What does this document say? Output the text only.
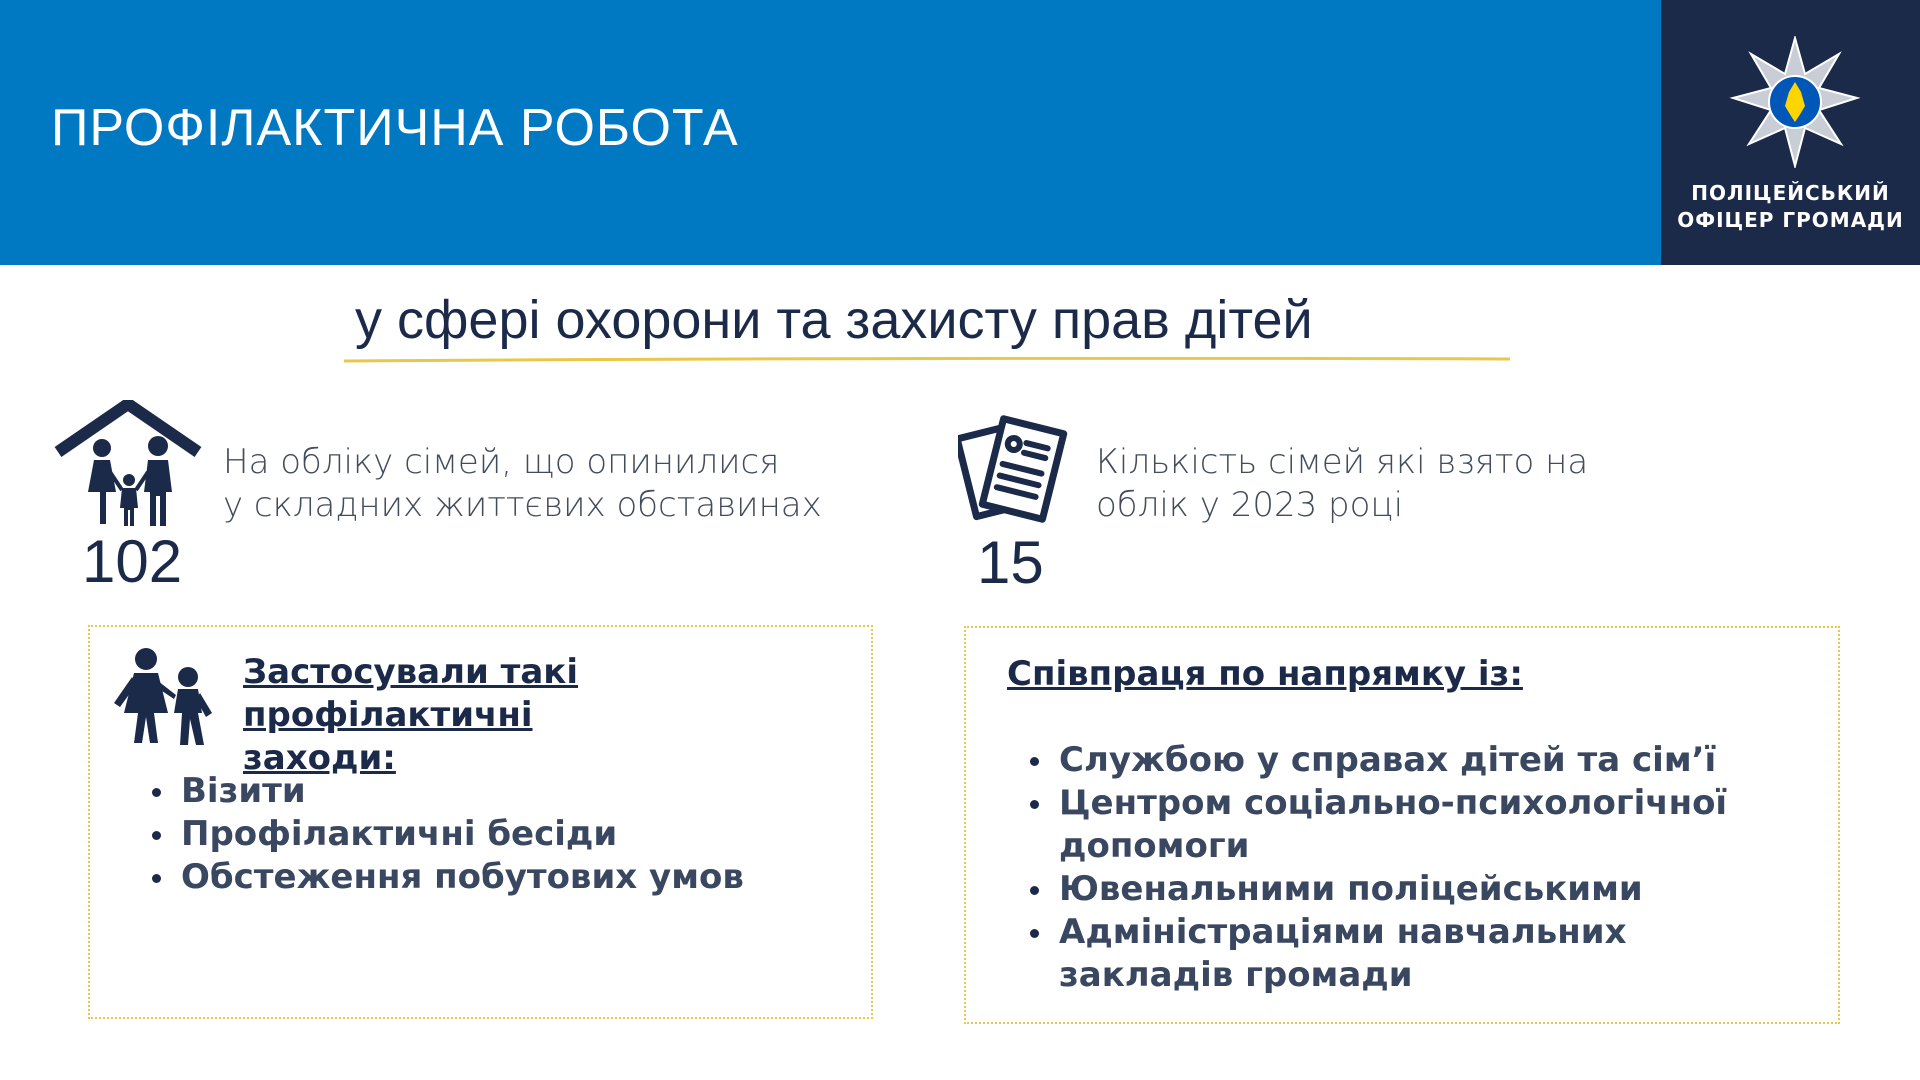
ПРОФІЛАКТИЧНА РОБОТА
ПОЛІЦЕЙСЬКИЙ
ОФІЦЕР ГРОМАДИ
у сфері охорони та захисту прав дітей
На обліку сімей, що опинилися
у складних життєвих обставинах
102
Кількість сімей які взято на
облік у 2023 році
15
Застосували такі
профілактичні
заходи:
Візити
Профілактичні бесіди
Обстеження побутових умов
Співпраця по напрямку із:
Службою у справах дітей та сім’ї
Центром соціально-психологічної
допомоги
Ювенальними поліцейськими
Адміністраціями навчальних
закладів громади
